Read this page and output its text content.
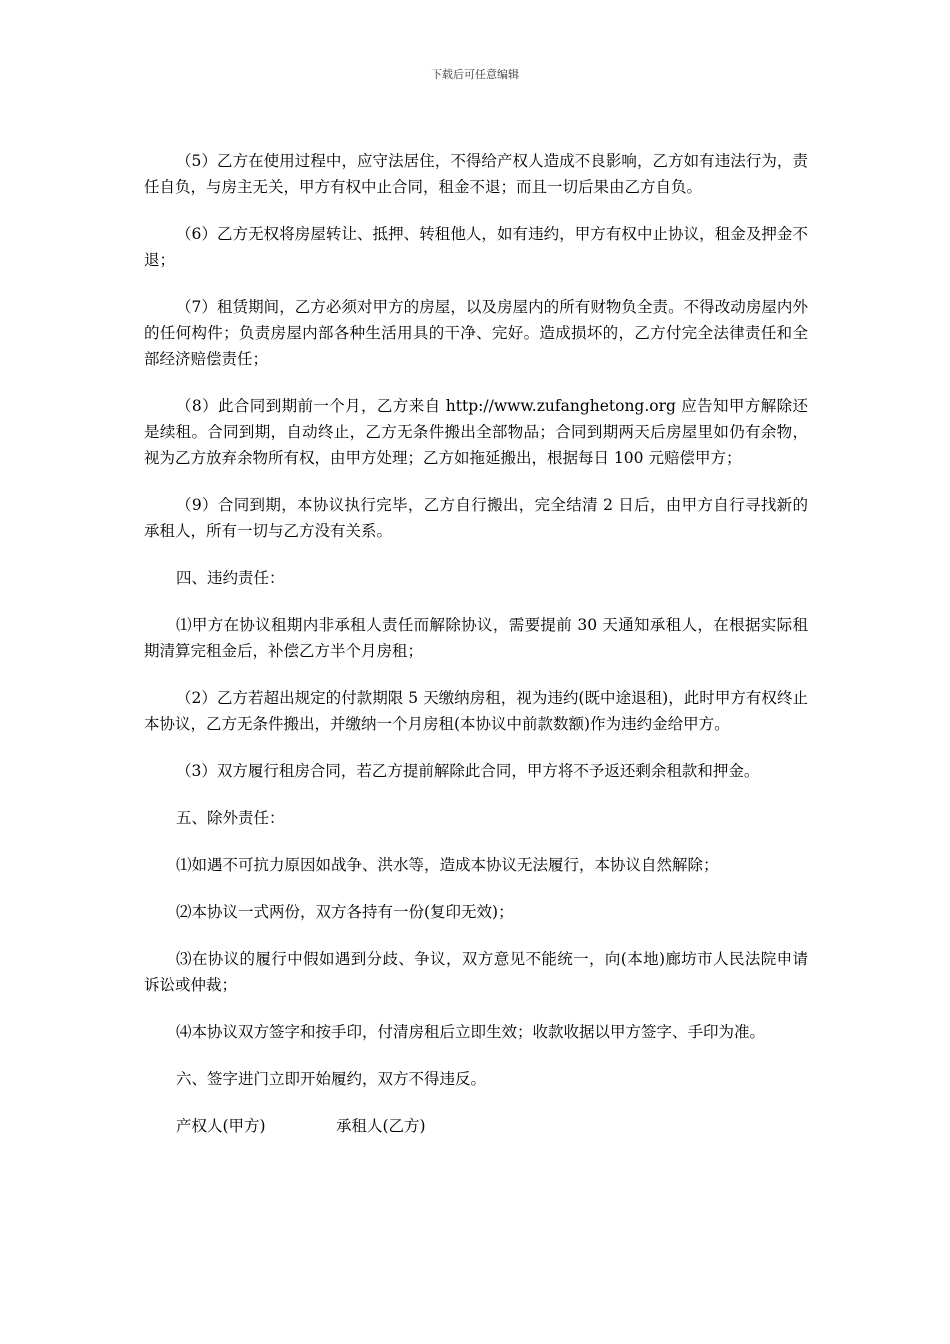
下载后可任意编辑

（5）乙方在使用过程中，应守法居住，不得给产权人造成不良影响，乙方如有违法行为，责任自负，与房主无关，甲方有权中止合同，租金不退；而且一切后果由乙方自负。

（6）乙方无权将房屋转让、抵押、转租他人，如有违约，甲方有权中止协议，租金及押金不退；

（7）租赁期间，乙方必须对甲方的房屋，以及房屋内的所有财物负全责。不得改动房屋内外的任何构件；负责房屋内部各种生活用具的干净、完好。造成损坏的，乙方付完全法律责任和全部经济赔偿责任；

（8）此合同到期前一个月，乙方来自 http://www.zufanghetong.org 应告知甲方解除还是续租。合同到期，自动终止，乙方无条件搬出全部物品；合同到期两天后房屋里如仍有余物，视为乙方放弃余物所有权，由甲方处理；乙方如拖延搬出，根据每日 100 元赔偿甲方；

（9）合同到期，本协议执行完毕，乙方自行搬出，完全结清 2 日后，由甲方自行寻找新的承租人，所有一切与乙方没有关系。

四、违约责任：

⑴甲方在协议租期内非承租人责任而解除协议，需要提前 30 天通知承租人，在根据实际租期清算完租金后，补偿乙方半个月房租；

（2）乙方若超出规定的付款期限 5 天缴纳房租，视为违约(既中途退租)，此时甲方有权终止本协议，乙方无条件搬出，并缴纳一个月房租(本协议中前款数额)作为违约金给甲方。

（3）双方履行租房合同，若乙方提前解除此合同，甲方将不予返还剩余租款和押金。

五、除外责任：

⑴如遇不可抗力原因如战争、洪水等，造成本协议无法履行，本协议自然解除；

⑵本协议一式两份，双方各持有一份(复印无效)；

⑶在协议的履行中假如遇到分歧、争议，双方意见不能统一，向(本地)廊坊市人民法院申请诉讼或仲裁；

⑷本协议双方签字和按手印，付清房租后立即生效；收款收据以甲方签字、手印为准。

六、签字进门立即开始履约，双方不得违反。

产权人(甲方)	承租人(乙方)
